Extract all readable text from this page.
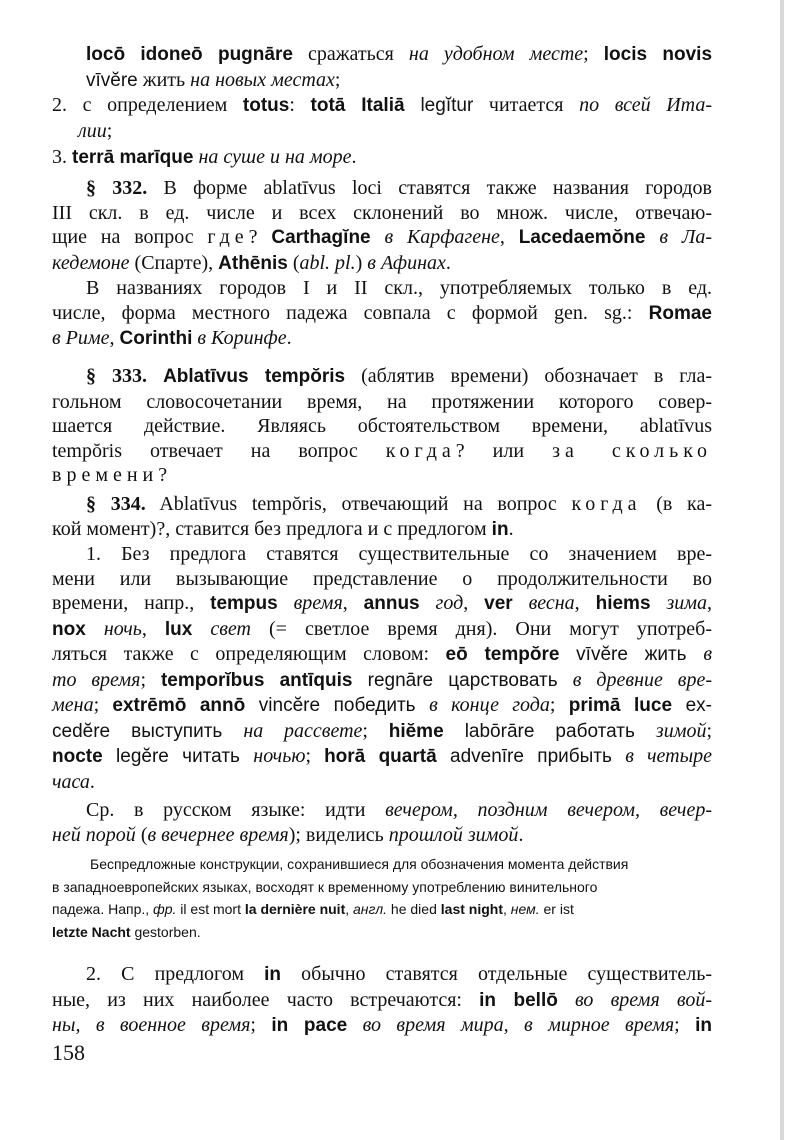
locō idoneō pugnāre сражаться на удобном месте; locis novis
vīvĕre жить на новых местах;
2. с определением totus: totā Italiā legĭtur читается по всей Ита-
лии;
3. terrā marīque на суше и на море.
§ 332. В форме ablatīvus loci ставятся также названия городов
III скл. в ед. числе и всех склонений во множ. числе, отвечаю-
щие на вопрос где? Carthagĭne в Карфагене, Lacedaemŏne в Ла-
кедемоне (Спарте), Athēnis (abl. pl.) в Афинах.
В названиях городов I и II скл., употребляемых только в ед.
числе, форма местного падежа совпала с формой gen. sg.: Romae
в Риме, Corinthi в Коринфе.
§ 333. Ablatīvus tempŏris (аблятив времени) обозначает в гла-
гольном словосочетании время, на протяжении которого совер-
шается действие. Являясь обстоятельством времени, ablatīvus
tempŏris отвечает на вопрос когда? или за сколько
времени?
§ 334. Ablatīvus tempŏris, отвечающий на вопрос когда (в ка-
кой момент)?, ставится без предлога и с предлогом in.
1. Без предлога ставятся существительные со значением вре-
мени или вызывающие представление о продолжительности во
времени, напр., tempus время, annus год, ver весна, hiems зима,
nox ночь, lux свет (= светлое время дня). Они могут употреб-
ляться также с определяющим словом: eō tempŏre vīvĕre жить в
то время; temporĭbus antīquis regnāre царствовать в древние вре-
мена; extrēmō annō vincĕre победить в конце года; primā luce ex-
cedĕre выступить на рассвете; hiĕme labōrāre работать зимой;
nocte legĕre читать ночью; horā quartā advenīre прибыть в четыре
часа.
Ср. в русском языке: идти вечером, поздним вечером, вечер-
ней порой (в вечернее время); виделись прошлой зимой.
Беспредложные конструкции, сохранившиеся для обозначения момента действия
в западноевропейских языках, восходят к временному употреблению винительного
падежа. Напр., фр. il est mort la dernière nuit, англ. he died last night, нем. er ist
letzte Nacht gestorben.
2. С предлогом in обычно ставятся отдельные существитель-
ные, из них наиболее часто встречаются: in bellō во время вой-
ны, в военное время; in pace во время мира, в мирное время; in
158
